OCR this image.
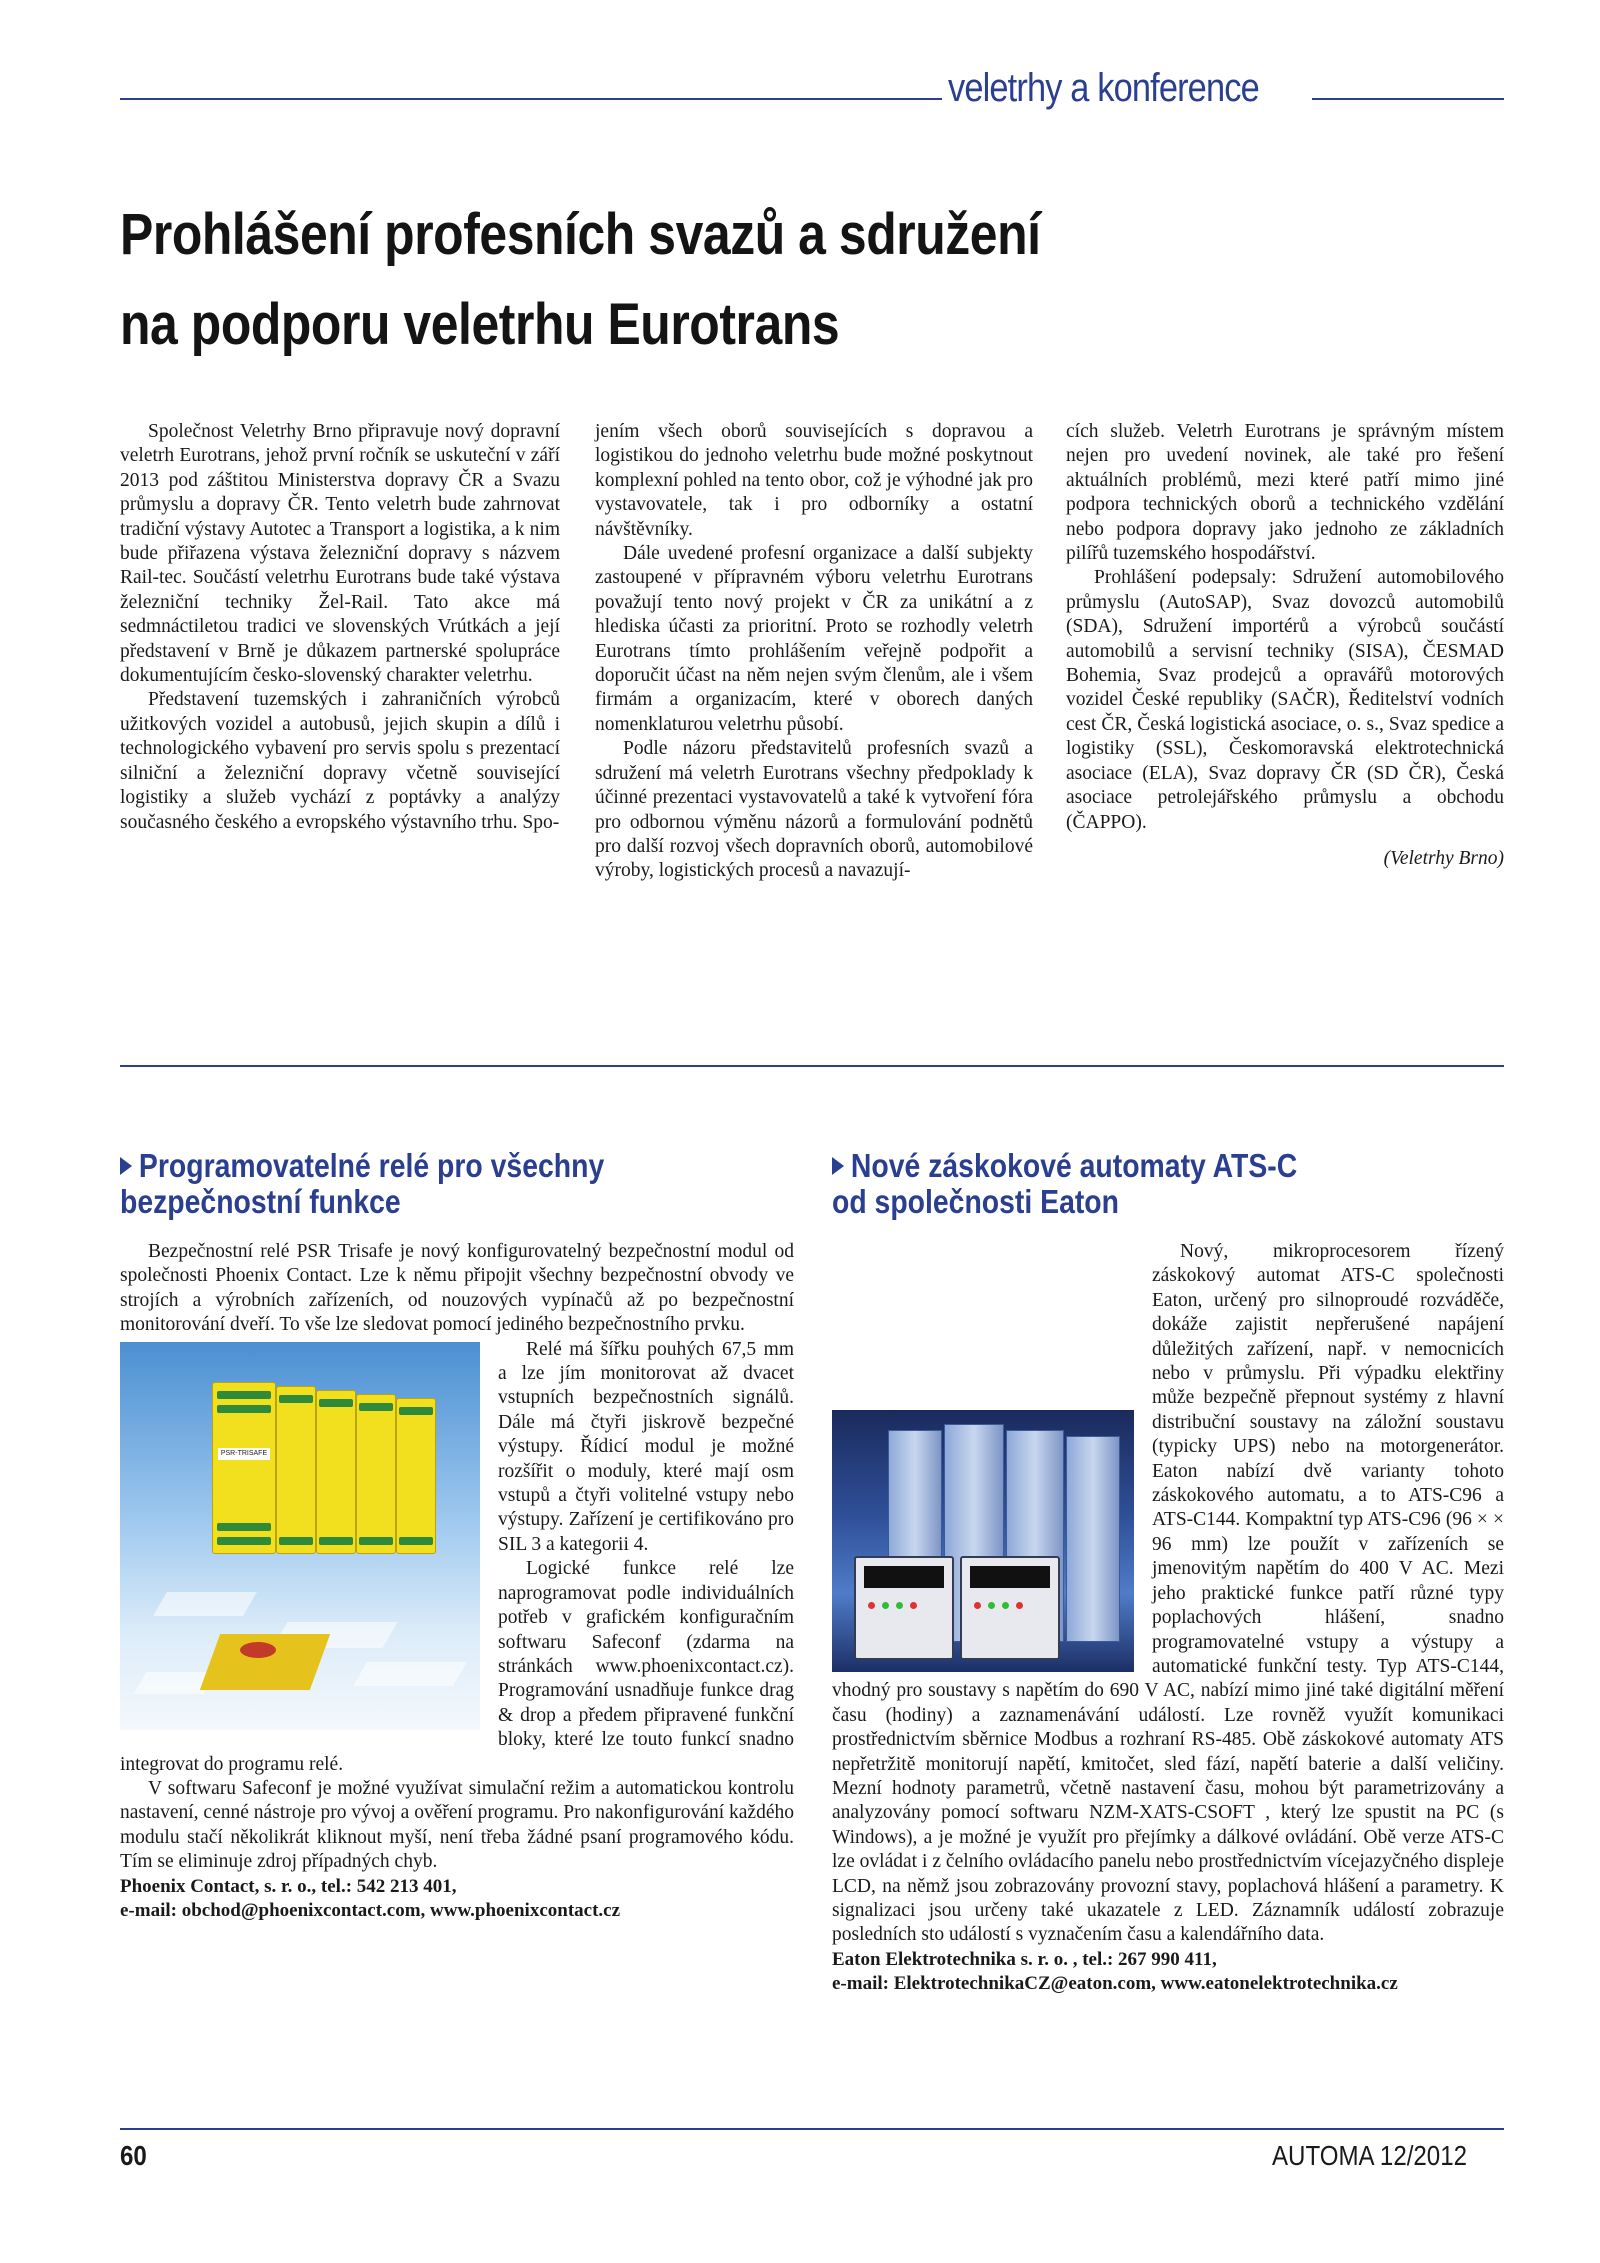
veletrhy a konference
Prohlášení profesních svazů a sdružení
na podporu veletrhu Eurotrans

Společnost Veletrhy Brno připravuje nový dopravní veletrh Eurotrans, jehož první ročník se uskuteční v září 2013 pod záštitou Ministerstva dopravy ČR a Svazu průmyslu a dopravy ČR. Tento veletrh bude zahrnovat tradiční výstavy Autotec a Transport a logistika, a k nim bude přiřazena výstava železniční dopravy s názvem Rail-tec. Součástí veletrhu Eurotrans bude také výstava železniční techniky Žel-Rail. Tato akce má sedmnáctiletou tradici ve slovenských Vrútkách a její představení v Brně je důkazem partnerské spolupráce dokumentujícím česko-slovenský charakter veletrhu.

Představení tuzemských i zahraničních výrobců užitkových vozidel a autobusů, jejich skupin a dílů i technologického vybavení pro servis spolu s prezentací silniční a železniční dopravy včetně související logistiky a služeb vychází z poptávky a analýzy současného českého a evropského výstavního trhu. Spo-

jením všech oborů souvisejících s dopravou a logistikou do jednoho veletrhu bude možné poskytnout komplexní pohled na tento obor, což je výhodné jak pro vystavovatele, tak i pro odborníky a ostatní návštěvníky.

Dále uvedené profesní organizace a další subjekty zastoupené v přípravném výboru veletrhu Eurotrans považují tento nový projekt v ČR za unikátní a z hlediska účasti za prioritní. Proto se rozhodly veletrh Eurotrans tímto prohlášením veřejně podpořit a doporučit účast na něm nejen svým členům, ale i všem firmám a organizacím, které v oborech daných nomenklaturou veletrhu působí.

Podle názoru představitelů profesních svazů a sdružení má veletrh Eurotrans všechny předpoklady k účinné prezentaci vystavovatelů a také k vytvoření fóra pro odbornou výměnu názorů a formulování podnětů pro další rozvoj všech dopravních oborů, automobilové výroby, logistických procesů a navazují-

cích služeb. Veletrh Eurotrans je správným místem nejen pro uvedení novinek, ale také pro řešení aktuálních problémů, mezi které patří mimo jiné podpora technických oborů a technického vzdělání nebo podpora dopravy jako jednoho ze základních pilířů tuzemského hospodářství.

Prohlášení podepsaly: Sdružení automobilového průmyslu (AutoSAP), Svaz dovozců automobilů (SDA), Sdružení importérů a výrobců součástí automobilů a servisní techniky (SISA), ČESMAD Bohemia, Svaz prodejců a opravářů motorových vozidel České republiky (SAČR), Ředitelství vodních cest ČR, Česká logistická asociace, o. s., Svaz spedice a logistiky (SSL), Českomoravská elektrotechnická asociace (ELA), Svaz dopravy ČR (SD ČR), Česká asociace petrolejářského průmyslu a obchodu (ČAPPO).

(Veletrhy Brno)

Programovatelné relé pro všechny
bezpečnostní funkce
Nové záskokové automaty ATS-C
od společnosti Eaton

Bezpečnostní relé PSR Trisafe je nový konfigurovatelný bezpečnostní modul od společnosti Phoenix Contact. Lze k němu připojit všechny bezpečnostní obvody ve strojích a výrobních zařízeních, od nouzových vypínačů až po bezpečnostní monitorování dveří. To vše lze sledovat pomocí jediného bezpečnostního prvku.

PSR-TRISAFE

Relé má šířku pouhých 67,5 mm a lze jím monitorovat až dvacet vstupních bezpečnostních signálů. Dále má čtyři jiskrově bezpečné výstupy. Řídicí modul je možné rozšířit o moduly, které mají osm vstupů a čtyři volitelné vstupy nebo výstupy. Zařízení je certifikováno pro SIL 3 a kategorii 4.

Logické funkce relé lze naprogramovat podle individuálních potřeb v grafickém konfiguračním softwaru Safeconf (zdarma na stránkách www.phoenixcontact.cz). Programování usnadňuje funkce drag & drop a předem připravené funkční bloky, které lze touto funkcí snadno integrovat do programu relé.

V softwaru Safeconf je možné využívat simulační režim a automatickou kontrolu nastavení, cenné nástroje pro vývoj a ověření programu. Pro nakonfigurování každého modulu stačí několikrát kliknout myší, není třeba žádné psaní programového kódu. Tím se eliminuje zdroj případných chyb.

Phoenix Contact, s. r. o., tel.: 542 213 401,

e-mail: obchod@phoenixcontact.com, www.phoenixcontact.cz

Nový, mikroprocesorem řízený záskokový automat ATS-C společnosti Eaton, určený pro silnoproudé rozváděče, dokáže zajistit nepřerušené napájení důležitých zařízení, např. v nemocnicích nebo v průmyslu. Při výpadku elektřiny může bezpečně přepnout systémy z hlavní distribuční soustavy na záložní soustavu (typicky UPS) nebo na motorgenerátor. Eaton nabízí dvě varianty tohoto záskokového automatu, a to ATS-C96 a ATS-C144. Kompaktní typ ATS-C96 (96 × × 96 mm) lze použít v zařízeních se jmenovitým napětím do 400 V AC. Mezi jeho praktické funkce patří různé typy poplachových hlášení, snadno programovatelné vstupy a výstupy a automatické funkční testy. Typ ATS-C144, vhodný pro soustavy s napětím do 690 V AC, nabízí mimo jiné také digitální měření času (hodiny) a zaznamenávání událostí. Lze rovněž využít komunikaci prostřednictvím sběrnice Modbus a rozhraní RS-485. Obě záskokové automaty ATS nepřetržitě monitorují napětí, kmitočet, sled fází, napětí baterie a další veličiny. Mezní hodnoty parametrů, včetně nastavení času, mohou být parametrizovány a analyzovány pomocí softwaru NZM-XATS-CSOFT , který lze spustit na PC (s Windows), a je možné je využít pro přejímky a dálkové ovládání. Obě verze ATS-C lze ovládat i z čelního ovládacího panelu nebo prostřednictvím vícejazyčného displeje LCD, na němž jsou zobrazovány provozní stavy, poplachová hlášení a parametry. K signalizaci jsou určeny také ukazatele z LED. Záznamník událostí zobrazuje posledních sto událostí s vyznačením času a kalendářního data.

Eaton Elektrotechnika s. r. o. , tel.: 267 990 411,

e-mail: ElektrotechnikaCZ@eaton.com, www.eatonelektrotechnika.cz

60	AUTOMA 12/2012
